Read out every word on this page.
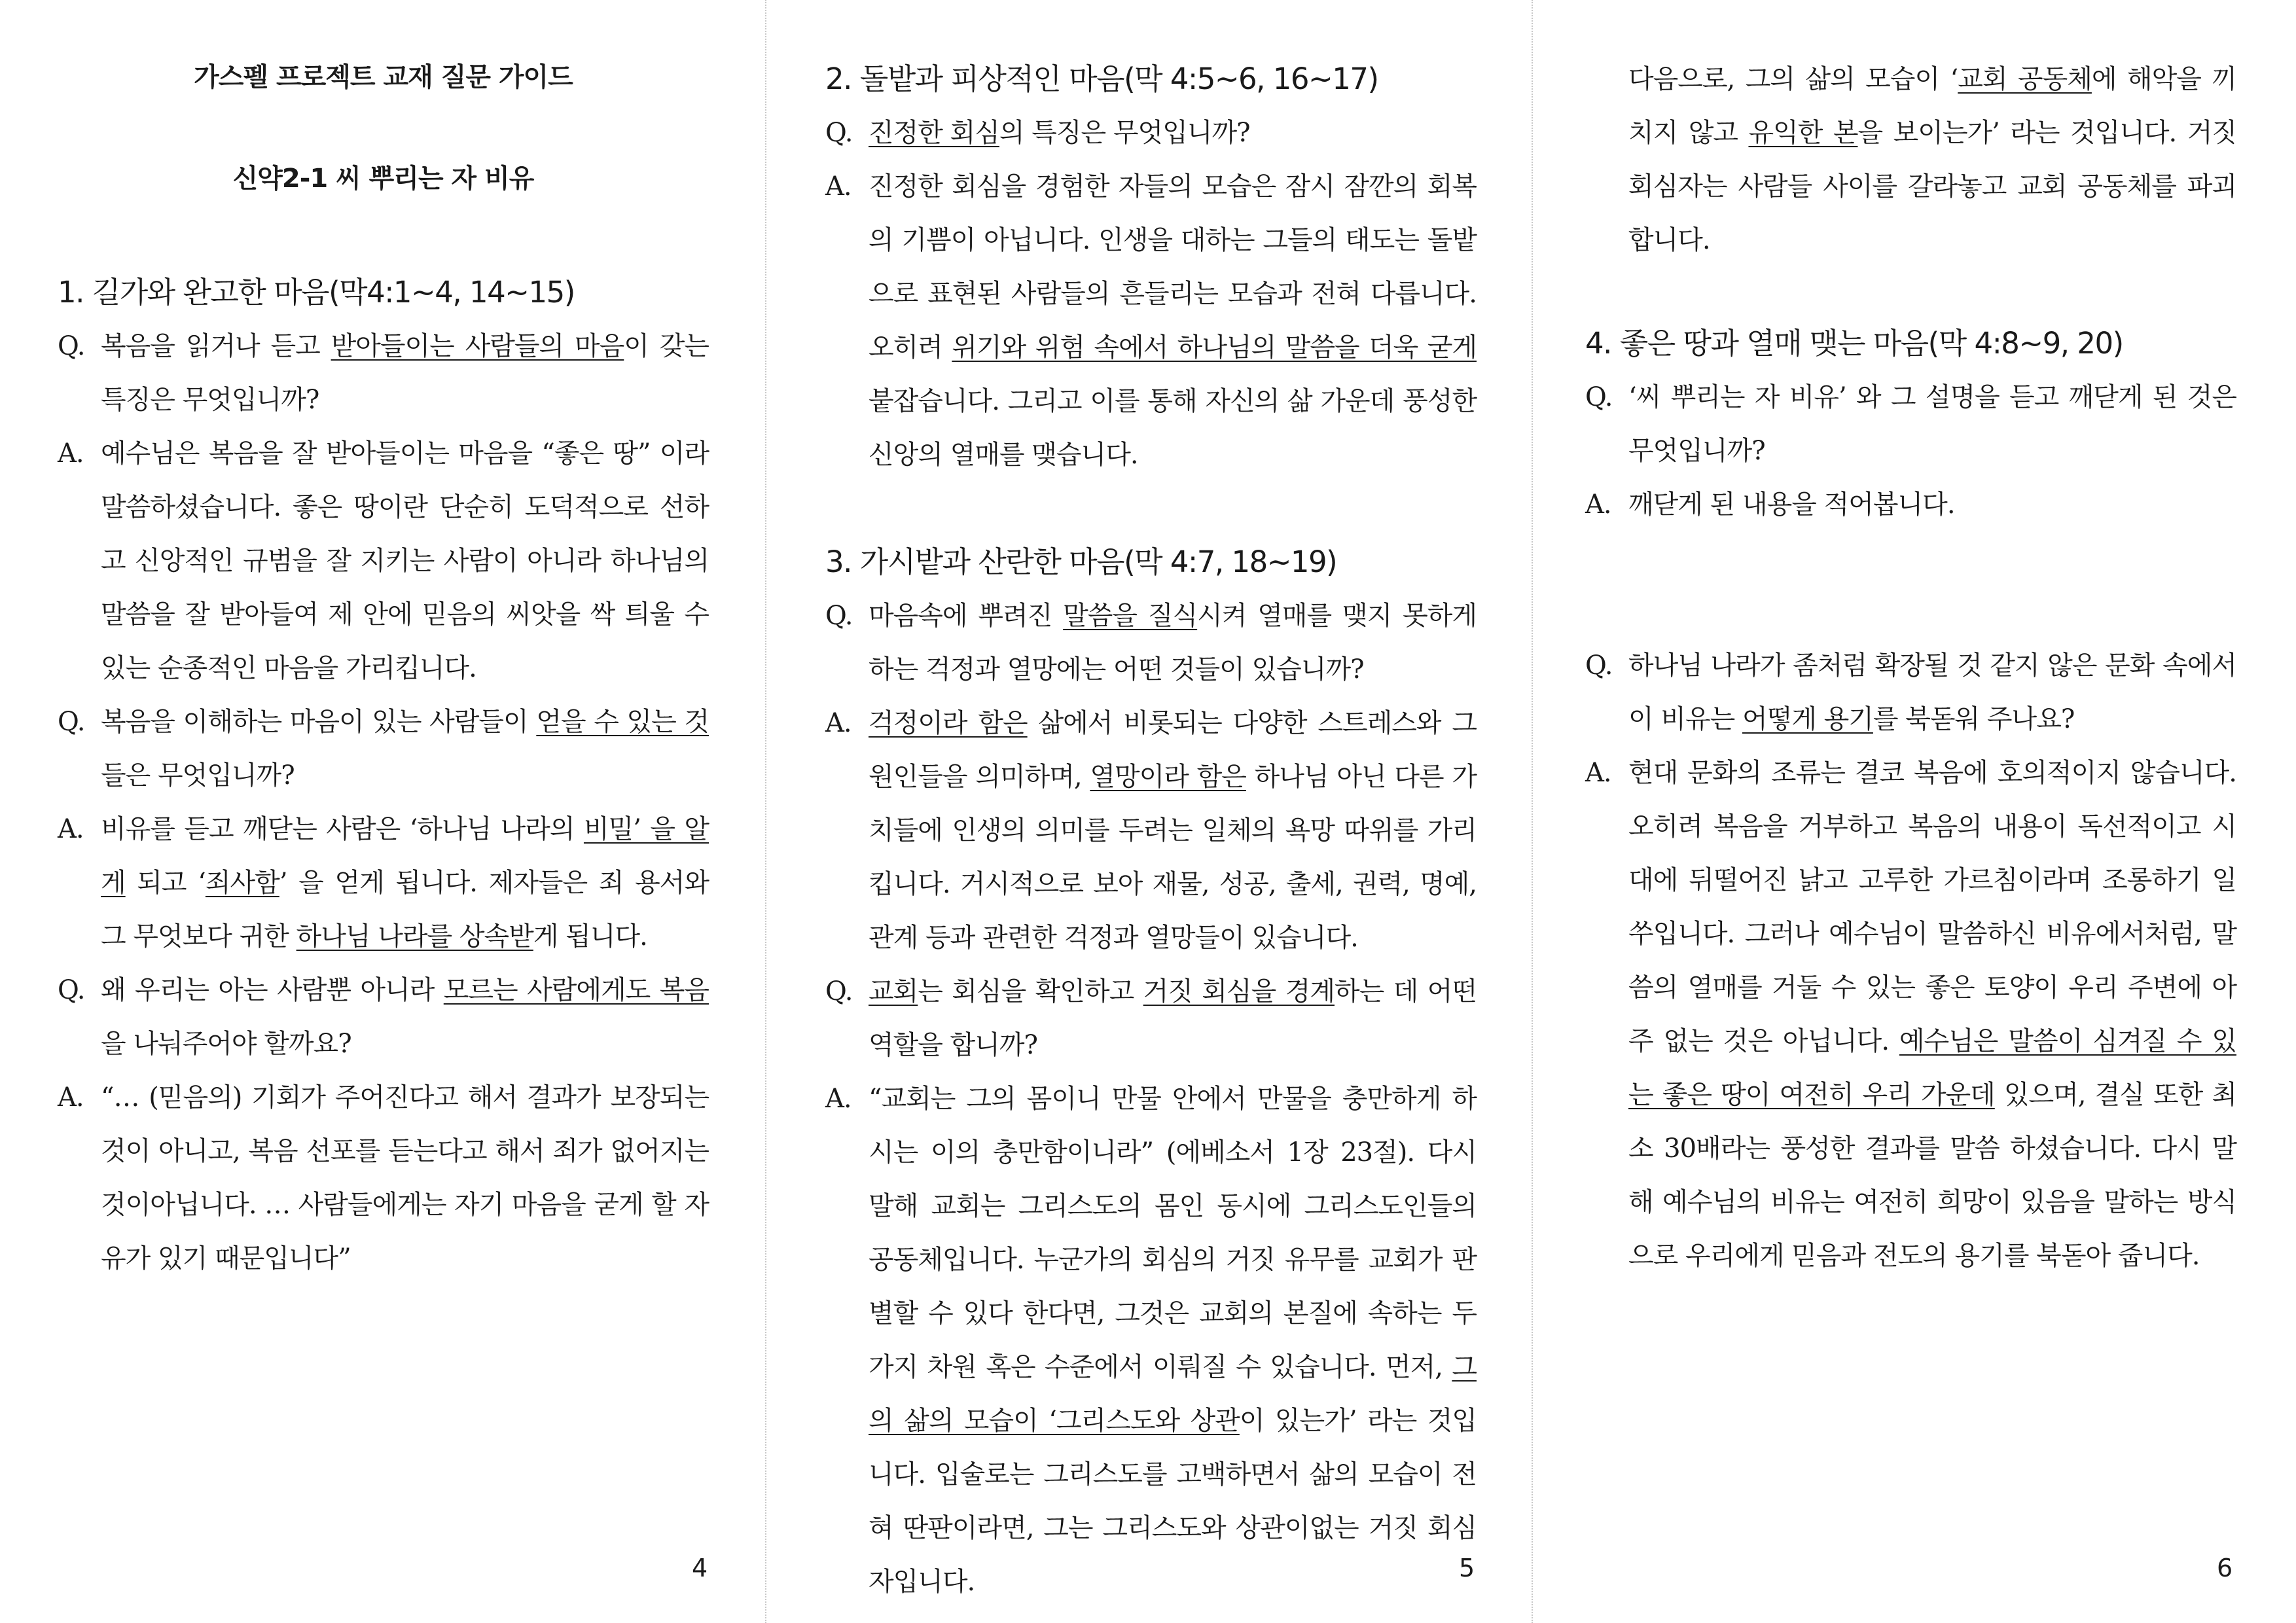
가스펠 프로젝트 교재 질문 가이드
신약2-1 씨 뿌리는 자 비유
1. 길가와 완고한 마음(막4:1~4, 14~15)
Q. 복음을 읽거나 듣고 받아들이는 사람들의 마음이 갖는 특징은 무엇입니까?
A. 예수님은 복음을 잘 받아들이는 마음을 “좋은 땅” 이라 말씀하셨습니다. 좋은 땅이란 단순히 도덕적으로 선하고 신앙적인 규범을 잘 지키는 사람이 아니라 하나님의 말씀을 잘 받아들여 제 안에 믿음의 씨앗을 싹 틔울 수 있는 순종적인 마음을 가리킵니다.
Q. 복음을 이해하는 마음이 있는 사람들이 얻을 수 있는 것들은 무엇입니까?
A. 비유를 듣고 깨닫는 사람은 ‘하나님 나라의 비밀’ 을 알게 되고 ‘죄사함’ 을 얻게 됩니다. 제자들은 죄 용서와 그 무엇보다 귀한 하나님 나라를 상속받게 됩니다.
Q. 왜 우리는 아는 사람뿐 아니라 모르는 사람에게도 복음을 나눠주어야 할까요?
A. “… (믿음의) 기회가 주어진다고 해서 결과가 보장되는 것이 아니고, 복음 선포를 듣는다고 해서 죄가 없어지는 것이아닙니다. … 사람들에게는 자기 마음을 굳게 할 자유가 있기 때문입니다”
4
2. 돌밭과 피상적인 마음(막 4:5~6, 16~17)
Q. 진정한 회심의 특징은 무엇입니까?
A. 진정한 회심을 경험한 자들의 모습은 잠시 잠깐의 회복의 기쁨이 아닙니다. 인생을 대하는 그들의 태도는 돌밭으로 표현된 사람들의 흔들리는 모습과 전혀 다릅니다. 오히려 위기와 위험 속에서 하나님의 말씀을 더욱 굳게 붙잡습니다. 그리고 이를 통해 자신의 삶 가운데 풍성한 신앙의 열매를 맺습니다.
3. 가시밭과 산란한 마음(막 4:7, 18~19)
Q. 마음속에 뿌려진 말씀을 질식시켜 열매를 맺지 못하게 하는 걱정과 열망에는 어떤 것들이 있습니까?
A. 걱정이라 함은 삶에서 비롯되는 다양한 스트레스와 그 원인들을 의미하며, 열망이라 함은 하나님 아닌 다른 가치들에 인생의 의미를 두려는 일체의 욕망 따위를 가리킵니다. 거시적으로 보아 재물, 성공, 출세, 권력, 명예, 관계 등과 관련한 걱정과 열망들이 있습니다.
Q. 교회는 회심을 확인하고 거짓 회심을 경계하는 데 어떤 역할을 합니까?
A. “교회는 그의 몸이니 만물 안에서 만물을 충만하게 하시는 이의 충만함이니라” (에베소서 1장 23절). 다시 말해 교회는 그리스도의 몸인 동시에 그리스도인들의 공동체입니다. 누군가의 회심의 거짓 유무를 교회가 판별할 수 있다 한다면, 그것은 교회의 본질에 속하는 두 가지 차원 혹은 수준에서 이뤄질 수 있습니다. 먼저, 그의 삶의 모습이 ‘그리스도와 상관이 있는가’ 라는 것입니다. 입술로는 그리스도를 고백하면서 삶의 모습이 전혀 딴판이라면, 그는 그리스도와 상관이없는 거짓 회심자입니다.	5
다음으로, 그의 삶의 모습이 ‘교회 공동체에 해악을 끼치지 않고 유익한 본을 보이는가’ 라는 것입니다. 거짓 회심자는 사람들 사이를 갈라놓고 교회 공동체를 파괴합니다.
4. 좋은 땅과 열매 맺는 마음(막 4:8~9, 20)
Q. ‘씨 뿌리는 자 비유’ 와 그 설명을 듣고 깨닫게 된 것은 무엇입니까?
A. 깨닫게 된 내용을 적어봅니다.
Q. 하나님 나라가 좀처럼 확장될 것 같지 않은 문화 속에서 이 비유는 어떻게 용기를 북돋워 주나요?
A. 현대 문화의 조류는 결코 복음에 호의적이지 않습니다. 오히려 복음을 거부하고 복음의 내용이 독선적이고 시대에 뒤떨어진 낡고 고루한 가르침이라며 조롱하기 일쑤입니다. 그러나 예수님이 말씀하신 비유에서처럼, 말씀의 열매를 거둘 수 있는 좋은 토양이 우리 주변에 아주 없는 것은 아닙니다. 예수님은 말씀이 심겨질 수 있는 좋은 땅이 여전히 우리 가운데 있으며, 결실 또한 최소 30배라는 풍성한 결과를 말씀 하셨습니다. 다시 말해 예수님의 비유는 여전히 희망이 있음을 말하는 방식으로 우리에게 믿음과 전도의 용기를 북돋아 줍니다.
6
